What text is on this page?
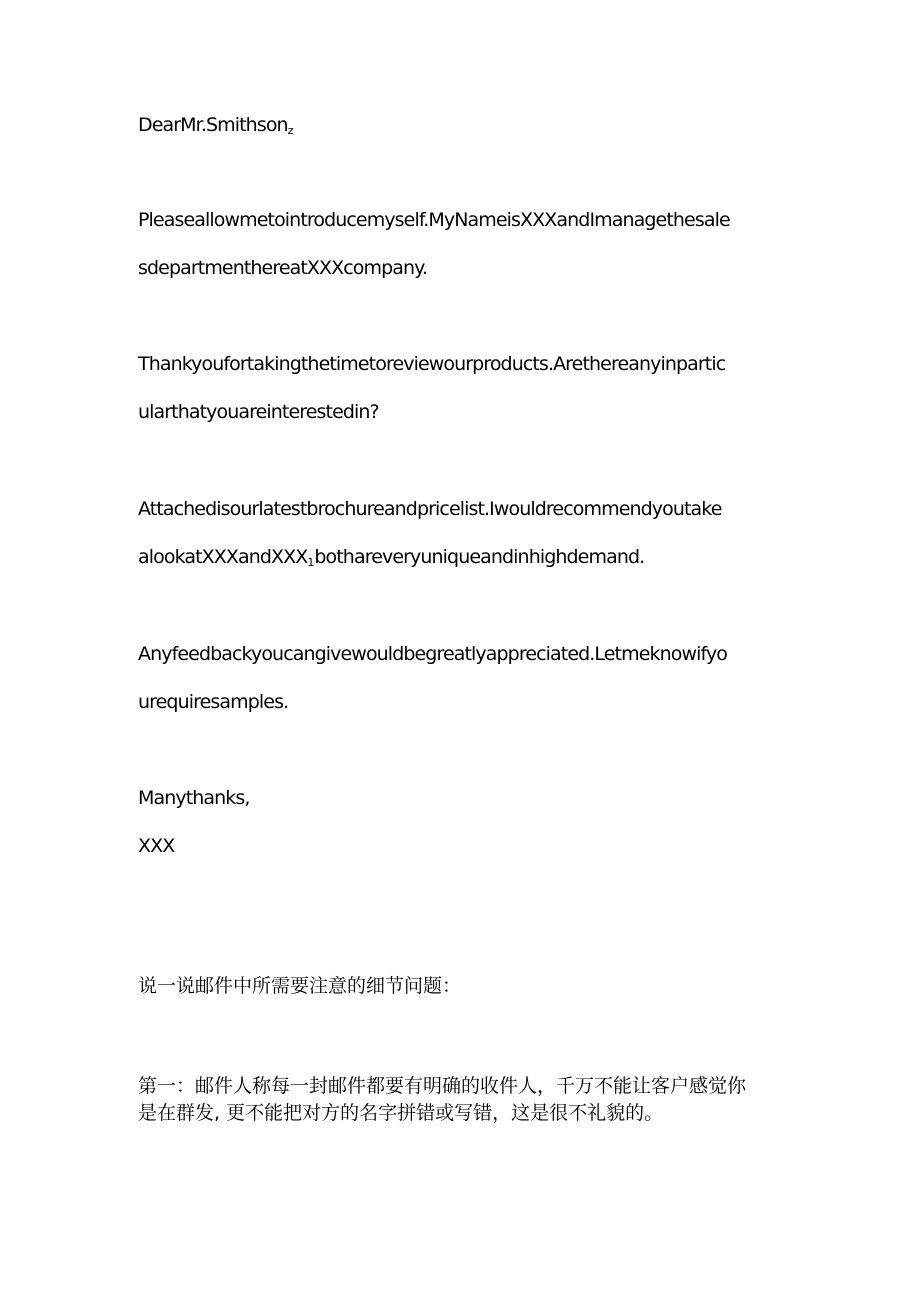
DearMr.Smithson$_z$
Pleaseallowmetointroducemyself.MyNameisXXXandImanagethesale
sdepartmenthereatXXXcompany.
Thankyoufortakingthetimetoreviewourproducts.Arethereanyinpartic
ularthatyouareinterestedin?
Attachedisourlatestbrochureandpricelist.Iwouldrecommendyoutake
alookatXXXandXXX$_1$bothareveryuniqueandinhighdemand.
Anyfeedbackyoucangivewouldbegreatlyappreciated.Letmeknowifyo
urequiresamples.
Manythanks,
XXX
说一说邮件中所需要注意的细节问题：
第一：邮件人称每一封邮件都要有明确的收件人，千万不能让客户感觉你
是在群发, 更不能把对方的名字拼错或写错，这是很不礼貌的。
